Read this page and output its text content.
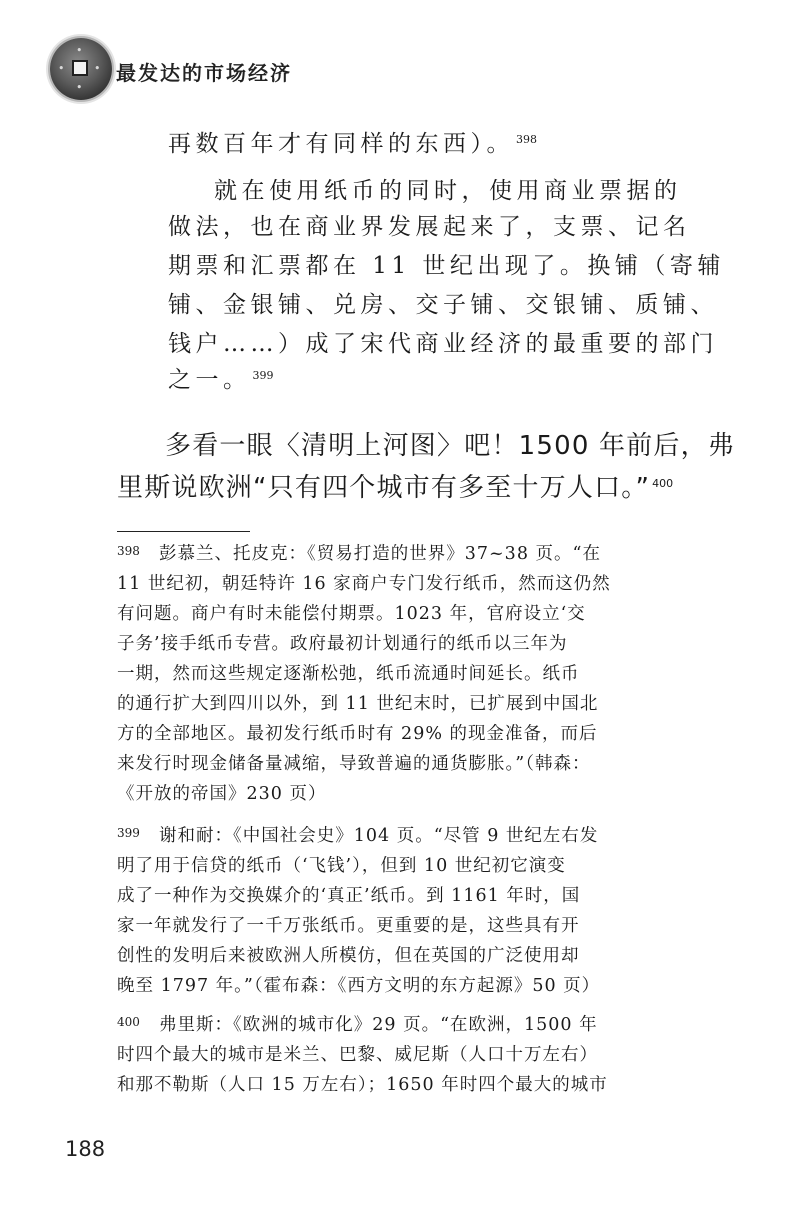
•
•
•	• 最发达的市场经济
再数百年才有同样的东西）。 $^{398}$
就在使用纸币的同时，使用商业票据的
做法，也在商业界发展起来了，支票、记名
期票和汇票都在 11 世纪出现了。换铺（寄辅
铺、金银铺、兑房、交子铺、交银铺、质铺、
钱户……）成了宋代商业经济的最重要的部门
之一。 $^{399}$
多看一眼〈清明上河图〉吧！1500 年前后，弗
里斯说欧洲“只有四个城市有多至十万人口。” $^{400}$
398 彭慕兰、托皮克：《贸易打造的世界》37~38 页。“在
11 世纪初，朝廷特许 16 家商户专门发行纸币，然而这仍然
有问题。商户有时未能偿付期票。1023 年，官府设立‘交
子务’接手纸币专营。政府最初计划通行的纸币以三年为
一期，然而这些规定逐渐松弛，纸币流通时间延长。纸币
的通行扩大到四川以外，到 11 世纪末时，已扩展到中国北
方的全部地区。最初发行纸币时有 29% 的现金准备，而后
来发行时现金储备量减缩，导致普遍的通货膨胀。”（韩森：
《开放的帝国》230 页）
399 谢和耐：《中国社会史》104 页。“尽管 9 世纪左右发
明了用于信贷的纸币（‘飞钱’），但到 10 世纪初它演变
成了一种作为交换媒介的‘真正’纸币。到 1161 年时，国
家一年就发行了一千万张纸币。更重要的是，这些具有开
创性的发明后来被欧洲人所模仿，但在英国的广泛使用却
晚至 1797 年。”（霍布森：《西方文明的东方起源》50 页）
400 弗里斯：《欧洲的城市化》29 页。“在欧洲，1500 年
时四个最大的城市是米兰、巴黎、威尼斯（人口十万左右）
和那不勒斯（人口 15 万左右）；1650 年时四个最大的城市
188
